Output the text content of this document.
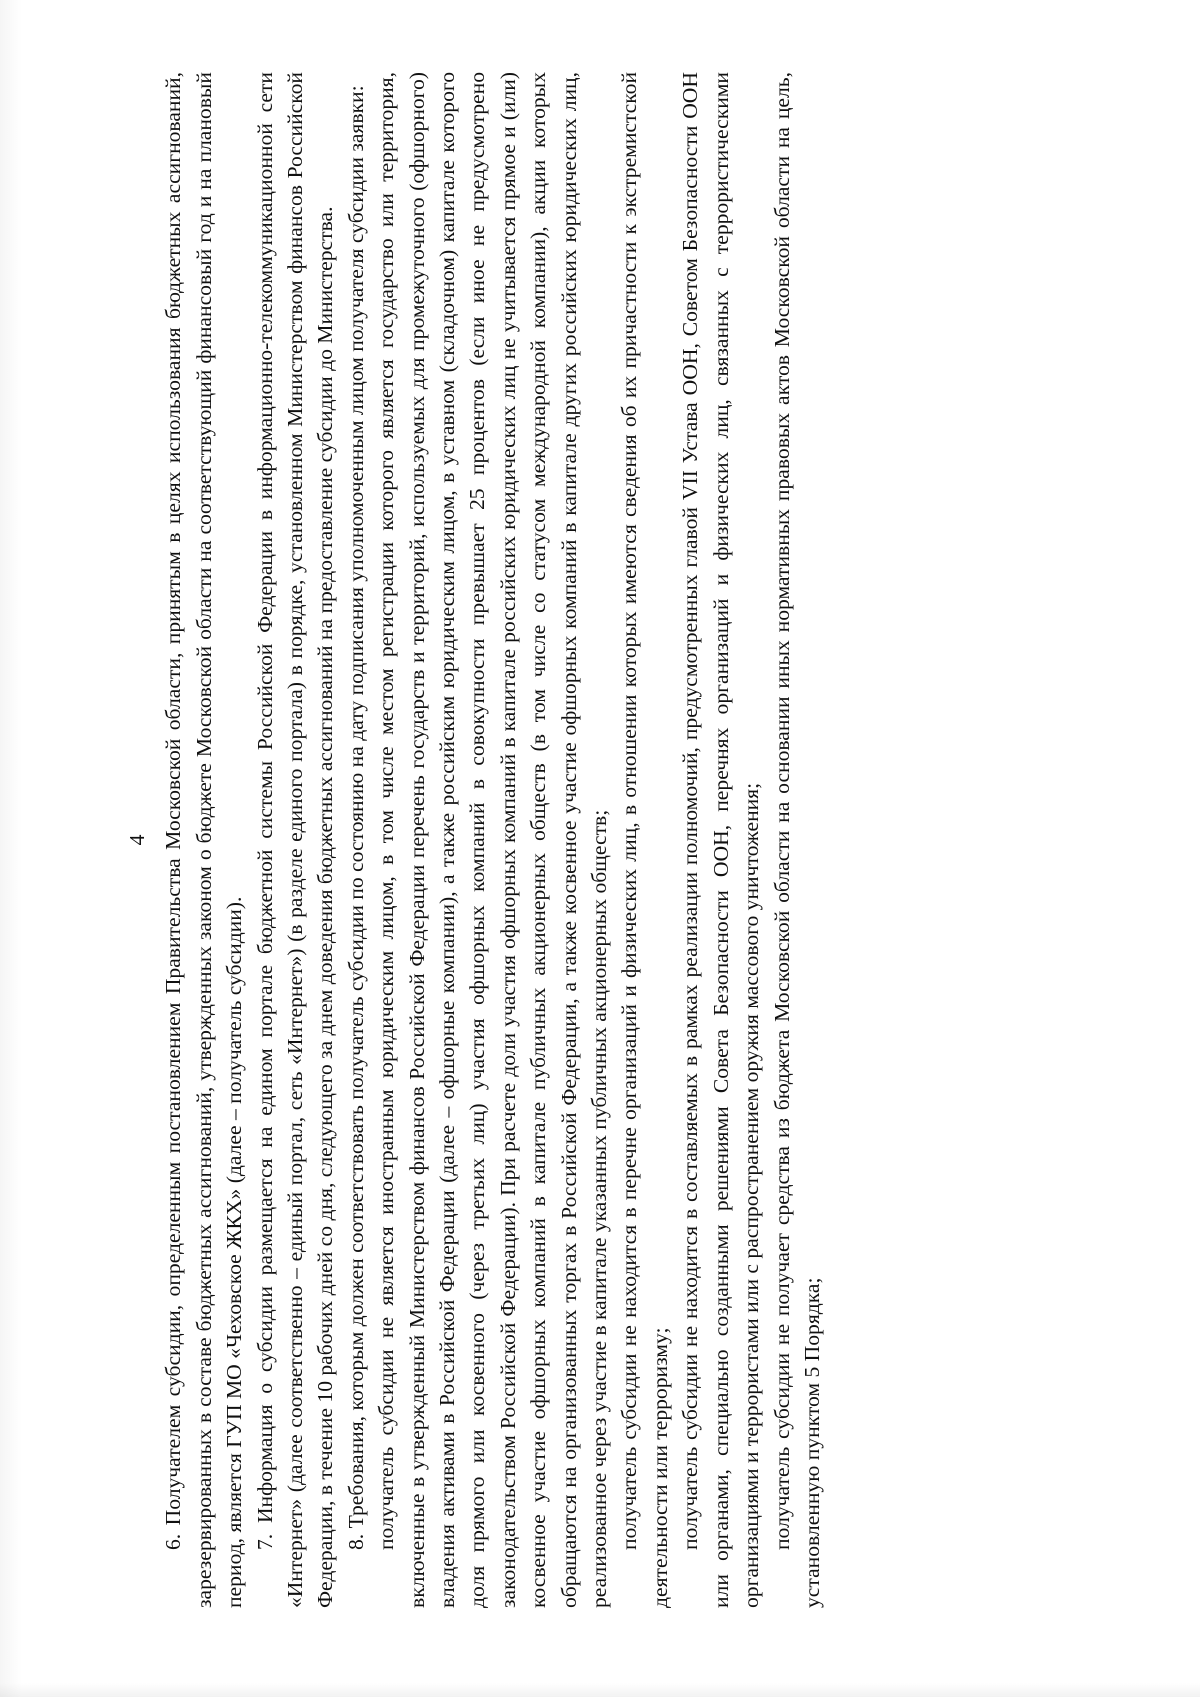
4 6. Получателем субсидии, определенным постановлением Правительства Московской области, принятым в целях использования бюджетных ассигнований, зарезервированных в составе бюджетных ассигнований, утвержденных законом о бюджете Московской области на соответствующий финансовый год и на плановый период, является ГУП МО «Чеховское ЖКХ» (далее – получатель субсидии). 7. Информация о субсидии размещается на едином портале бюджетной системы Российской Федерации в информационно-телекоммуникационной сети «Интернет» (далее соответственно – единый портал, сеть «Интернет») (в разделе единого портала) в порядке, установленном Министерством финансов Российской Федерации, в течение 10 рабочих дней со дня, следующего за днем доведения бюджетных ассигнований на предоставление субсидии до Министерства. 8. Требования, которым должен соответствовать получатель субсидии по состоянию на дату подписания уполномоченным лицом получателя субсидии заявки: получатель субсидии не является иностранным юридическим лицом, в том числе местом регистрации которого является государство или территория, включенные в утвержденный Министерством финансов Российской Федерации перечень государств и территорий, используемых для промежуточного (офшорного) владения активами в Российской Федерации (далее – офшорные компании), а также российским юридическим лицом, в уставном (складочном) капитале которого доля прямого или косвенного (через третьих лиц) участия офшорных компаний в совокупности превышает 25 процентов (если иное не предусмотрено законодательством Российской Федерации). При расчете доли участия офшорных компаний в капитале российских юридических лиц не учитывается прямое и (или) косвенное участие офшорных компаний в капитале публичных акционерных обществ (в том числе со статусом международной компании), акции которых обращаются на организованных торгах в Российской Федерации, а также косвенное участие офшорных компаний в капитале других российских юридических лиц, реализованное через участие в капитале указанных публичных акционерных обществ; получатель субсидии не находится в перечне организаций и физических лиц, в отношении которых имеются сведения об их причастности к экстремистской деятельности или терроризму; получатель субсидии не находится в составляемых в рамках реализации полномочий, предусмотренных главой VII Устава ООН, Советом Безопасности ООН или органами, специально созданными решениями Совета Безопасности ООН, перечнях организаций и физических лиц, связанных с террористическими организациями и террористами или с распространением оружия массового уничтожения; получатель субсидии не получает средства из бюджета Московской области на основании иных нормативных правовых актов Московской области на цель, установленную пунктом 5 Порядка;
